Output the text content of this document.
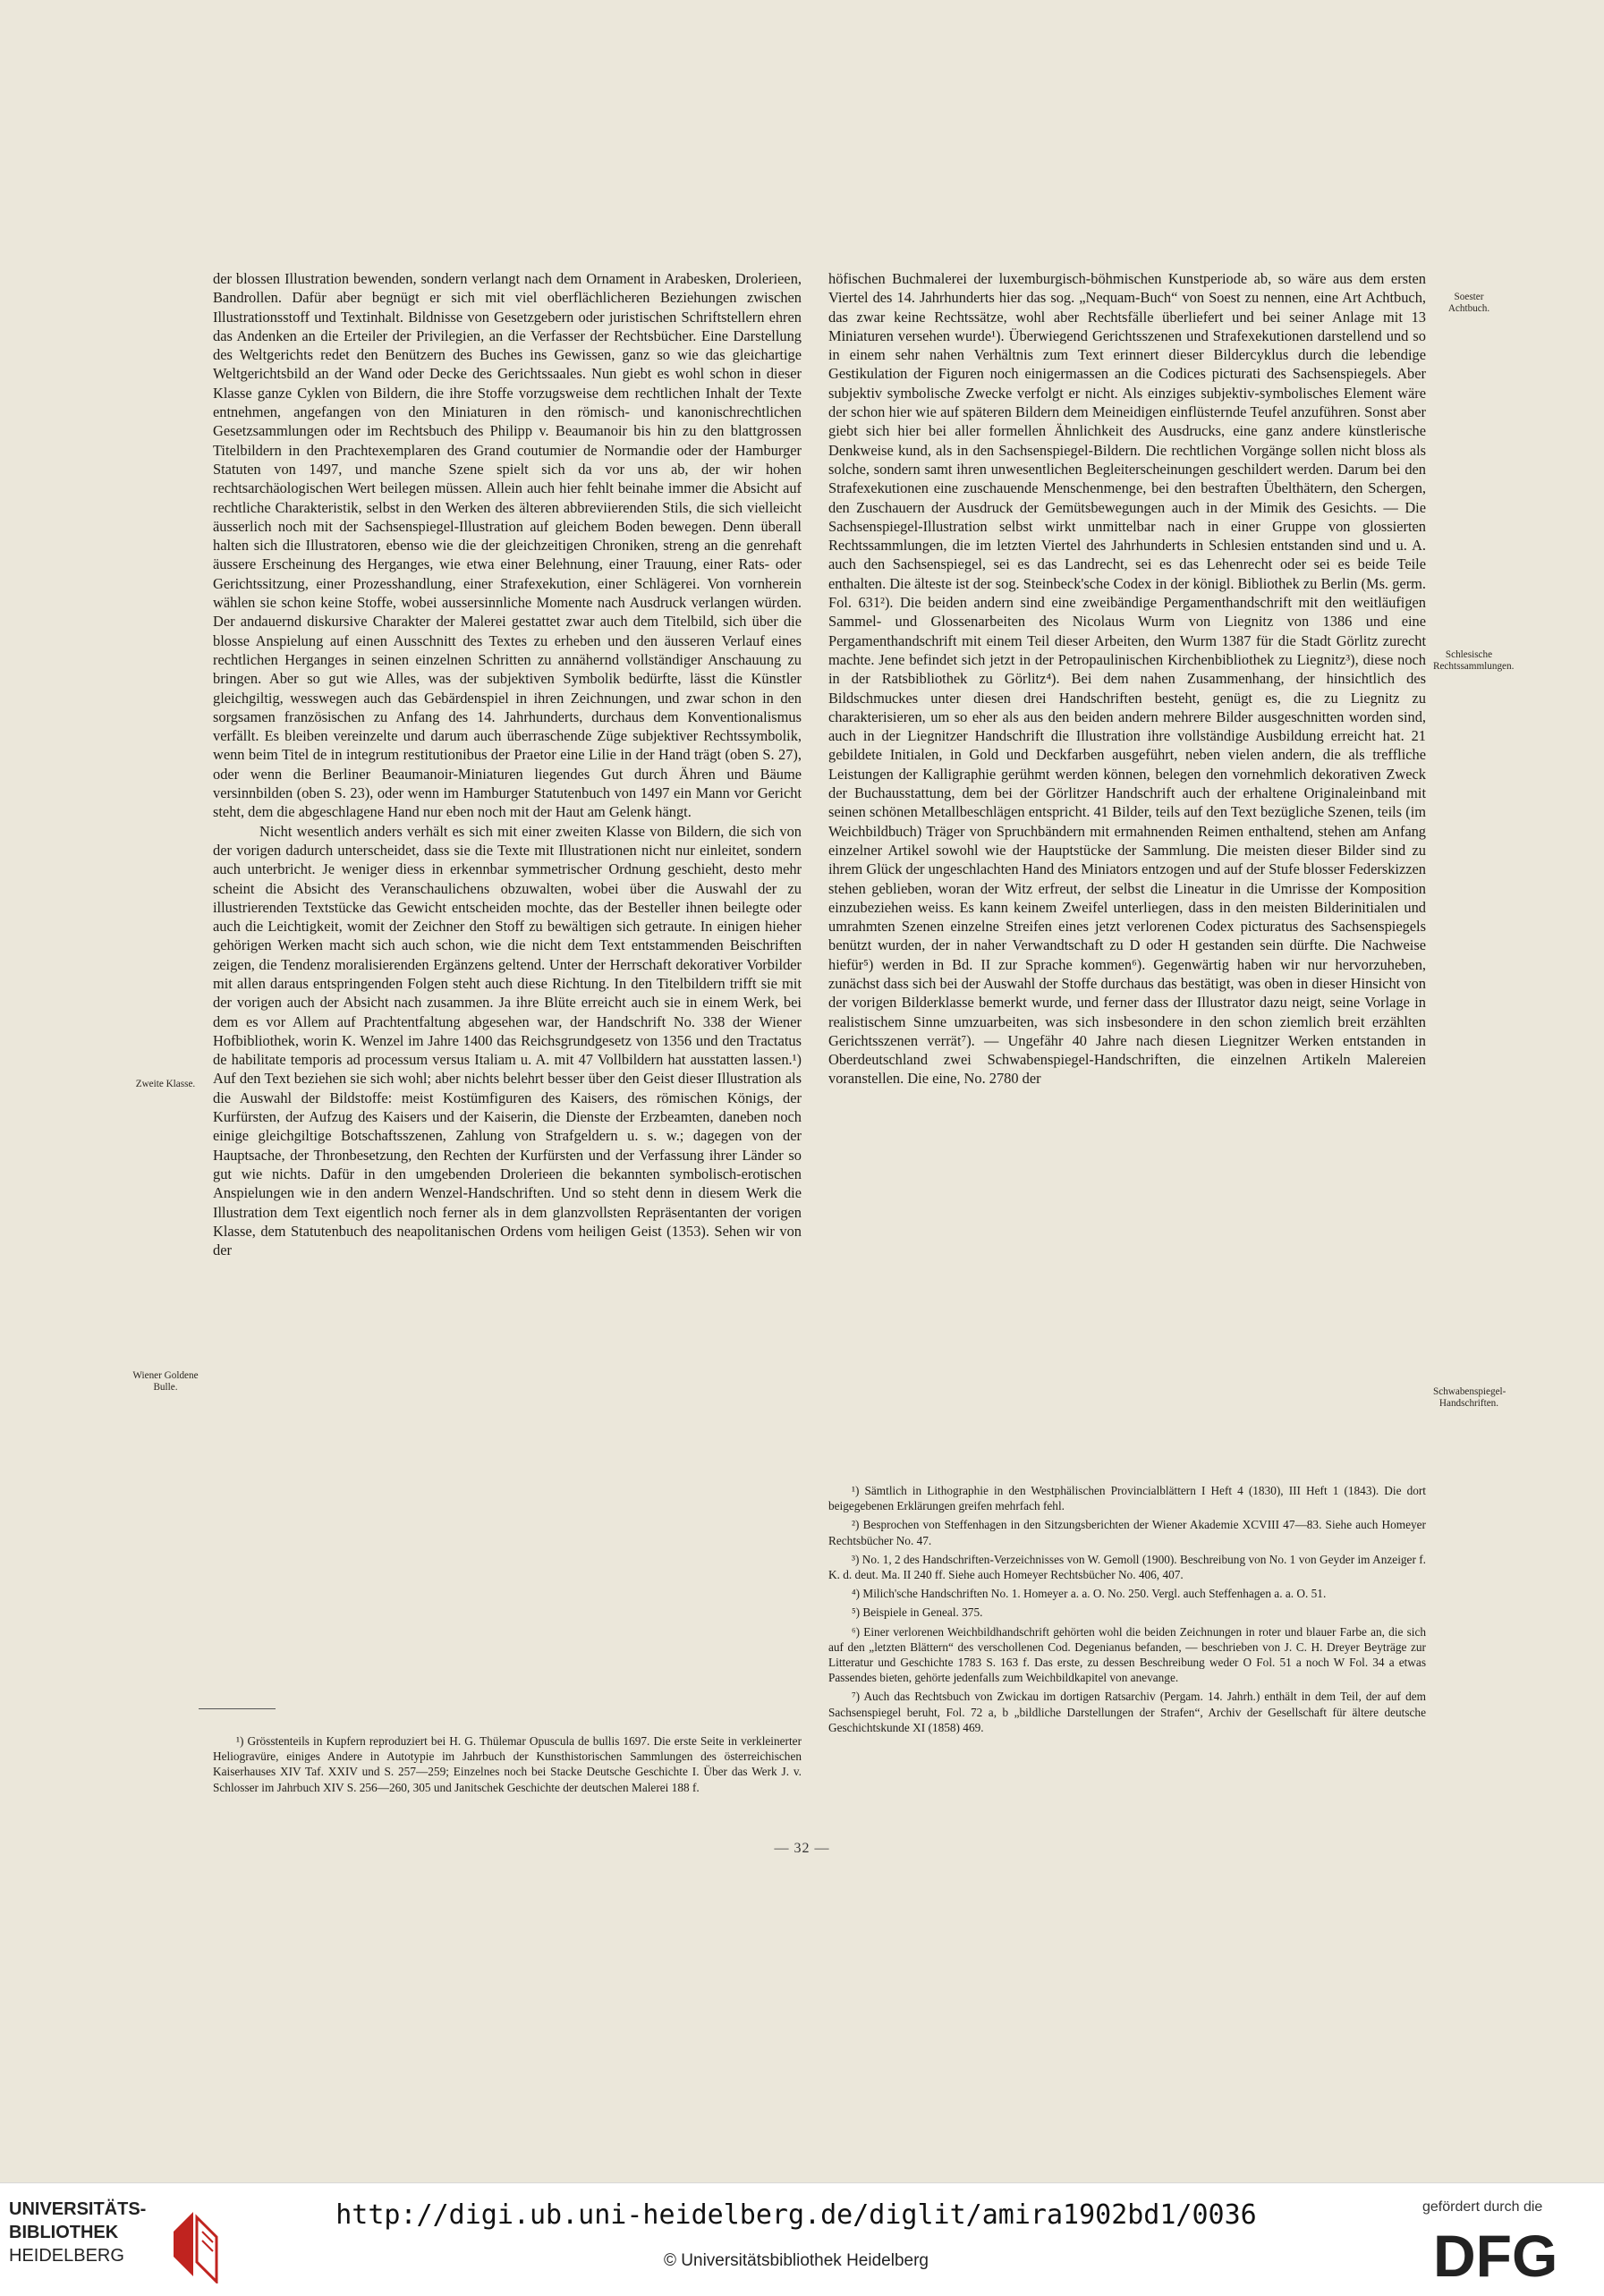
der blossen Illustration bewenden, sondern verlangt nach dem Ornament in Arabesken, Drolerieen, Bandrollen. Dafür aber begnügt er sich mit viel oberflächlicheren Beziehungen zwischen Illustrationsstoff und Textinhalt. Bildnisse von Gesetzgebern oder juristischen Schriftstellern ehren das Andenken an die Erteiler der Privilegien, an die Verfasser der Rechtsbücher. Eine Darstellung des Weltgerichts redet den Benützern des Buches ins Gewissen, ganz so wie das gleichartige Weltgerichtsbild an der Wand oder Decke des Gerichtssaales. Nun giebt es wohl schon in dieser Klasse ganze Cyklen von Bildern, die ihre Stoffe vorzugsweise dem rechtlichen Inhalt der Texte entnehmen, angefangen von den Miniaturen in den römisch- und kanonischrechtlichen Gesetzsammlungen oder im Rechtsbuch des Philipp v. Beaumanoir bis hin zu den blattgrossen Titelbildern in den Prachtexemplaren des Grand coutumier de Normandie oder der Hamburger Statuten von 1497, und manche Szene spielt sich da vor uns ab, der wir hohen rechtsarchäologischen Wert beilegen müssen. Allein auch hier fehlt beinahe immer die Absicht auf rechtliche Charakteristik, selbst in den Werken des älteren abbreviierenden Stils, die sich vielleicht äusserlich noch mit der Sachsenspiegel-Illustration auf gleichem Boden bewegen. Denn überall halten sich die Illustratoren, ebenso wie die der gleichzeitigen Chroniken, streng an die genrehaft äussere Erscheinung des Herganges, wie etwa einer Belehnung, einer Trauung, einer Rats- oder Gerichtssitzung, einer Prozesshandlung, einer Strafexekution, einer Schlägerei. Von vornherein wählen sie schon keine Stoffe, wobei aussersinnliche Momente nach Ausdruck verlangen würden. Der andauernd diskursive Charakter der Malerei gestattet zwar auch dem Titelbild, sich über die blosse Anspielung auf einen Ausschnitt des Textes zu erheben und den äusseren Verlauf eines rechtlichen Herganges in seinen einzelnen Schritten zu annähernd vollständiger Anschauung zu bringen. Aber so gut wie Alles, was der subjektiven Symbolik bedürfte, lässt die Künstler gleichgiltig, wesswegen auch das Gebärdenspiel in ihren Zeichnungen, und zwar schon in den sorgsamen französischen zu Anfang des 14. Jahrhunderts, durchaus dem Konventionalismus verfällt. Es bleiben vereinzelte und darum auch überraschende Züge subjektiver Rechtssymbolik, wenn beim Titel de in integrum restitutionibus der Praetor eine Lilie in der Hand trägt (oben S. 27), oder wenn die Berliner Beaumanoir-Miniaturen liegendes Gut durch Ähren und Bäume versinnbilden (oben S. 23), oder wenn im Hamburger Statutenbuch von 1497 ein Mann vor Gericht steht, dem die abgeschlagene Hand nur eben noch mit der Haut am Gelenk hängt.

Nicht wesentlich anders verhält es sich mit einer zweiten Klasse von Bildern, die sich von der vorigen dadurch unterscheidet, dass sie die Texte mit Illustrationen nicht nur einleitet, sondern auch unterbricht. Je weniger diess in erkennbar symmetrischer Ordnung geschieht, desto mehr scheint die Absicht des Veranschaulichens obzuwalten, wobei über die Auswahl der zu illustrierenden Textstücke das Gewicht entscheiden mochte, das der Besteller ihnen beilegte oder auch die Leichtigkeit, womit der Zeichner den Stoff zu bewältigen sich getraute. In einigen hieher gehörigen Werken macht sich auch schon, wie die nicht dem Text entstammenden Beischriften zeigen, die Tendenz moralisierenden Ergänzens geltend. Unter der Herrschaft dekorativer Vorbilder mit allen daraus entspringenden Folgen steht auch diese Richtung. In den Titelbildern trifft sie mit der vorigen auch der Absicht nach zusammen. Ja ihre Blüte erreicht auch sie in einem Werk, bei dem es vor Allem auf Prachtentfaltung abgesehen war, der Handschrift No. 338 der Wiener Hofbibliothek, worin K. Wenzel im Jahre 1400 das Reichsgrundgesetz von 1356 und den Tractatus de habilitate temporis ad processum versus Italiam u. A. mit 47 Vollbildern hat ausstatten lassen.¹) Auf den Text beziehen sie sich wohl; aber nichts belehrt besser über den Geist dieser Illustration als die Auswahl der Bildstoffe: meist Kostümfiguren des Kaisers, des römischen Königs, der Kurfürsten, der Aufzug des Kaisers und der Kaiserin, die Dienste der Erzbeamten, daneben noch einige gleichgiltige Botschaftsszenen, Zahlung von Strafgeldern u. s. w.; dagegen von der Hauptsache, der Thronbesetzung, den Rechten der Kurfürsten und der Verfassung ihrer Länder so gut wie nichts. Dafür in den umgebenden Drolerieen die bekannten symbolisch-erotischen Anspielungen wie in den andern Wenzel-Handschriften. Und so steht denn in diesem Werk die Illustration dem Text eigentlich noch ferner als in dem glanzvollsten Repräsentanten der vorigen Klasse, dem Statutenbuch des neapolitanischen Ordens vom heiligen Geist (1353). Sehen wir von der

höfischen Buchmalerei der luxemburgisch-böhmischen Kunstperiode ab, so wäre aus dem ersten Viertel des 14. Jahrhunderts hier das sog. „Nequam-Buch“ von Soest zu nennen, eine Art Achtbuch, das zwar keine Rechtssätze, wohl aber Rechtsfälle überliefert und bei seiner Anlage mit 13 Miniaturen versehen wurde¹). Überwiegend Gerichtsszenen und Strafexekutionen darstellend und so in einem sehr nahen Verhältnis zum Text erinnert dieser Bildercyklus durch die lebendige Gestikulation der Figuren noch einigermassen an die Codices picturati des Sachsenspiegels. Aber subjektiv symbolische Zwecke verfolgt er nicht. Als einziges subjektiv-symbolisches Element wäre der schon hier wie auf späteren Bildern dem Meineidigen einflüsternde Teufel anzuführen. Sonst aber giebt sich hier bei aller formellen Ähnlichkeit des Ausdrucks, eine ganz andere künstlerische Denkweise kund, als in den Sachsenspiegel-Bildern. Die rechtlichen Vorgänge sollen nicht bloss als solche, sondern samt ihren unwesentlichen Begleiterscheinungen geschildert werden. Darum bei den Strafexekutionen eine zuschauende Menschenmenge, bei den bestraften Übelthätern, den Schergen, den Zuschauern der Ausdruck der Gemütsbewegungen auch in der Mimik des Gesichts. — Die Sachsenspiegel-Illustration selbst wirkt unmittelbar nach in einer Gruppe von glossierten Rechtssammlungen, die im letzten Viertel des Jahrhunderts in Schlesien entstanden sind und u. A. auch den Sachsenspiegel, sei es das Landrecht, sei es das Lehenrecht oder sei es beide Teile enthalten. Die älteste ist der sog. Steinbeck'sche Codex in der königl. Bibliothek zu Berlin (Ms. germ. Fol. 631²). Die beiden andern sind eine zweibändige Pergamenthandschrift mit den weitläufigen Sammel- und Glossenarbeiten des Nicolaus Wurm von Liegnitz von 1386 und eine Pergamenthandschrift mit einem Teil dieser Arbeiten, den Wurm 1387 für die Stadt Görlitz zurecht machte. Jene befindet sich jetzt in der Petropaulinischen Kirchenbibliothek zu Liegnitz³), diese noch in der Ratsbibliothek zu Görlitz⁴). Bei dem nahen Zusammenhang, der hinsichtlich des Bildschmuckes unter diesen drei Handschriften besteht, genügt es, die zu Liegnitz zu charakterisieren, um so eher als aus den beiden andern mehrere Bilder ausgeschnitten worden sind, auch in der Liegnitzer Handschrift die Illustration ihre vollständige Ausbildung erreicht hat. 21 gebildete Initialen, in Gold und Deckfarben ausgeführt, neben vielen andern, die als treffliche Leistungen der Kalligraphie gerühmt werden können, belegen den vornehmlich dekorativen Zweck der Buchausstattung, dem bei der Görlitzer Handschrift auch der erhaltene Originaleinband mit seinen schönen Metallbeschlägen entspricht. 41 Bilder, teils auf den Text bezügliche Szenen, teils (im Weichbildbuch) Träger von Spruchbändern mit ermahnenden Reimen enthaltend, stehen am Anfang einzelner Artikel sowohl wie der Hauptstücke der Sammlung. Die meisten dieser Bilder sind zu ihrem Glück der ungeschlachten Hand des Miniators entzogen und auf der Stufe blosser Federskizzen stehen geblieben, woran der Witz erfreut, der selbst die Lineatur in die Umrisse der Komposition einzubeziehen weiss. Es kann keinem Zweifel unterliegen, dass in den meisten Bilderinitialen und umrahmten Szenen einzelne Streifen eines jetzt verlorenen Codex picturatus des Sachsenspiegels benützt wurden, der in naher Verwandtschaft zu D oder H gestanden sein dürfte. Die Nachweise hiefür⁵) werden in Bd. II zur Sprache kommen⁶). Gegenwärtig haben wir nur hervorzuheben, zunächst dass sich bei der Auswahl der Stoffe durchaus das bestätigt, was oben in dieser Hinsicht von der vorigen Bilderklasse bemerkt wurde, und ferner dass der Illustrator dazu neigt, seine Vorlage in realistischem Sinne umzuarbeiten, was sich insbesondere in den schon ziemlich breit erzählten Gerichtsszenen verrät⁷). — Ungefähr 40 Jahre nach diesen Liegnitzer Werken entstanden in Oberdeutschland zwei Schwabenspiegel-Handschriften, die einzelnen Artikeln Malereien voranstellen. Die eine, No. 2780 der

Zweite Klasse.
Wiener Goldene Bulle.
Soester Achtbuch.
Schlesische Rechtssammlungen.
Schwabenspiegel-Handschriften.

¹) Grösstenteils in Kupfern reproduziert bei H. G. Thülemar Opuscula de bullis 1697. Die erste Seite in verkleinerter Heliogravüre, einiges Andere in Autotypie im Jahrbuch der Kunsthistorischen Sammlungen des österreichischen Kaiserhauses XIV Taf. XXIV und S. 257—259; Einzelnes noch bei Stacke Deutsche Geschichte I. Über das Werk J. v. Schlosser im Jahrbuch XIV S. 256—260, 305 und Janitschek Geschichte der deutschen Malerei 188 f.

¹) Sämtlich in Lithographie in den Westphälischen Provincialblättern I Heft 4 (1830), III Heft 1 (1843). Die dort beigegebenen Erklärungen greifen mehrfach fehl.

²) Besprochen von Steffenhagen in den Sitzungsberichten der Wiener Akademie XCVIII 47—83. Siehe auch Homeyer Rechtsbücher No. 47.

³) No. 1, 2 des Handschriften-Verzeichnisses von W. Gemoll (1900). Beschreibung von No. 1 von Geyder im Anzeiger f. K. d. deut. Ma. II 240 ff. Siehe auch Homeyer Rechtsbücher No. 406, 407.

⁴) Milich'sche Handschriften No. 1. Homeyer a. a. O. No. 250. Vergl. auch Steffenhagen a. a. O. 51.

⁵) Beispiele in Geneal. 375.

⁶) Einer verlorenen Weichbildhandschrift gehörten wohl die beiden Zeichnungen in roter und blauer Farbe an, die sich auf den „letzten Blättern“ des verschollenen Cod. Degenianus befanden, — beschrieben von J. C. H. Dreyer Beyträge zur Litteratur und Geschichte 1783 S. 163 f. Das erste, zu dessen Beschreibung weder O Fol. 51 a noch W Fol. 34 a etwas Passendes bieten, gehörte jedenfalls zum Weichbildkapitel von anevange.

⁷) Auch das Rechtsbuch von Zwickau im dortigen Ratsarchiv (Pergam. 14. Jahrh.) enthält in dem Teil, der auf dem Sachsenspiegel beruht, Fol. 72 a, b „bildliche Darstellungen der Strafen“, Archiv der Gesellschaft für ältere deutsche Geschichtskunde XI (1858) 469.

— 32 —
UNIVERSITÄTS-
BIBLIOTHEK
HEIDELBERG
http://digi.ub.uni-heidelberg.de/diglit/amira1902bd1/0036
© Universitätsbibliothek Heidelberg
gefördert durch die
DFG
